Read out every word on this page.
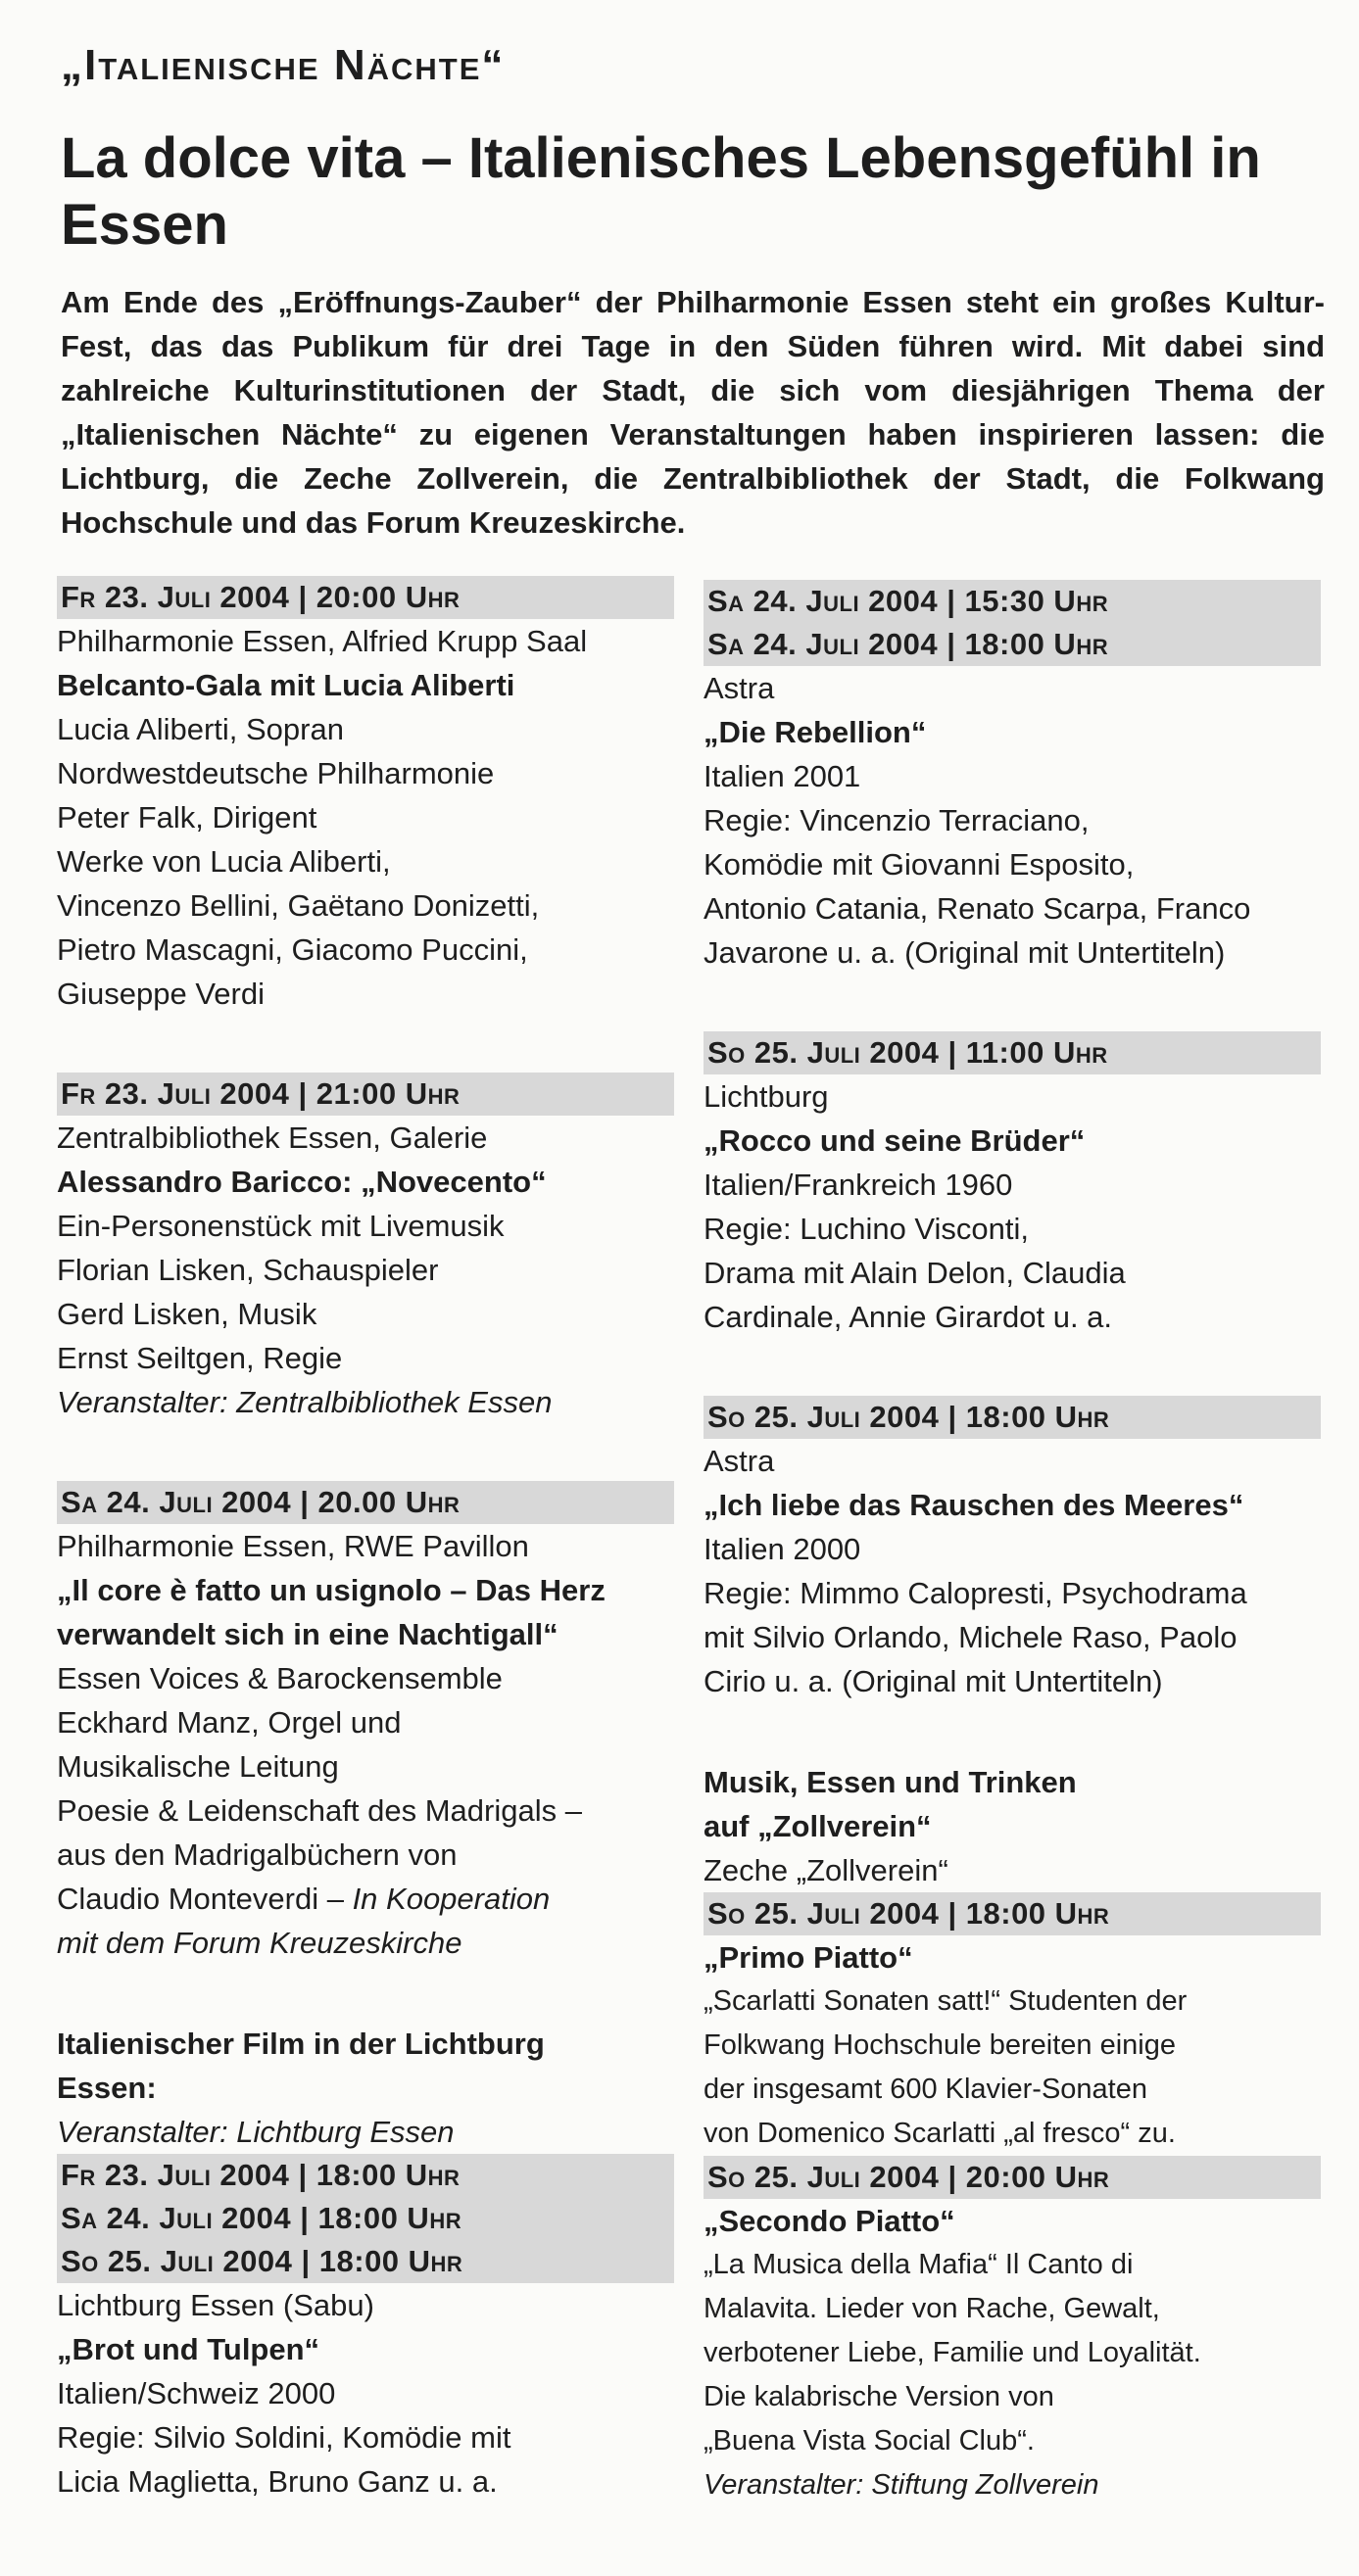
„Italienische Nächte“
La dolce vita – Italienisches Lebensgefühl in Essen

Am Ende des „Eröffnungs-Zauber“ der Philharmonie Essen steht ein großes Kultur-Fest, das das Publikum für drei Tage in den Süden führen wird. Mit dabei sind zahlreiche Kulturinstitutionen der Stadt, die sich vom diesjährigen Thema der „Italienischen Nächte“ zu eigenen Veranstaltungen haben inspirieren lassen: die Lichtburg, die Zeche Zollverein, die Zentralbibliothek der Stadt, die Folkwang Hochschule und das Forum Kreuzeskirche.

Fr 23. Juli 2004 | 20:00 Uhr
Philharmonie Essen, Alfried Krupp Saal
Belcanto-Gala mit Lucia Aliberti
Lucia Aliberti, Sopran
Nordwestdeutsche Philharmonie
Peter Falk, Dirigent
Werke von Lucia Aliberti,
Vincenzo Bellini, Gaëtano Donizetti,
Pietro Mascagni, Giacomo Puccini,
Giuseppe Verdi
Fr 23. Juli 2004 | 21:00 Uhr
Zentralbibliothek Essen, Galerie
Alessandro Baricco: „Novecento“
Ein-Personenstück mit Livemusik
Florian Lisken, Schauspieler
Gerd Lisken, Musik
Ernst Seiltgen, Regie
Veranstalter: Zentralbibliothek Essen
Sa 24. Juli 2004 | 20.00 Uhr
Philharmonie Essen, RWE Pavillon
„Il core è fatto un usignolo – Das Herz
verwandelt sich in eine Nachtigall“
Essen Voices & Barockensemble
Eckhard Manz, Orgel und
Musikalische Leitung
Poesie & Leidenschaft des Madrigals –
aus den Madrigalbüchern von
Claudio Monteverdi – In Kooperation
mit dem Forum Kreuzeskirche
Italienischer Film in der Lichtburg
Essen:
Veranstalter: Lichtburg Essen
Fr 23. Juli 2004 | 18:00 Uhr
Sa 24. Juli 2004 | 18:00 Uhr
So 25. Juli 2004 | 18:00 Uhr
Lichtburg Essen (Sabu)
„Brot und Tulpen“
Italien/Schweiz 2000
Regie: Silvio Soldini, Komödie mit
Licia Maglietta, Bruno Ganz u. a.
Sa 24. Juli 2004 | 15:30 Uhr
Sa 24. Juli 2004 | 18:00 Uhr
Astra
„Die Rebellion“
Italien 2001
Regie: Vincenzio Terraciano,
Komödie mit Giovanni Esposito,
Antonio Catania, Renato Scarpa, Franco
Javarone u. a. (Original mit Untertiteln)
So 25. Juli 2004 | 11:00 Uhr
Lichtburg
„Rocco und seine Brüder“
Italien/Frankreich 1960
Regie: Luchino Visconti,
Drama mit Alain Delon, Claudia
Cardinale, Annie Girardot u. a.
So 25. Juli 2004 | 18:00 Uhr
Astra
„Ich liebe das Rauschen des Meeres“
Italien 2000
Regie: Mimmo Calopresti, Psychodrama
mit Silvio Orlando, Michele Raso, Paolo
Cirio u. a. (Original mit Untertiteln)
Musik, Essen und Trinken
auf „Zollverein“
Zeche „Zollverein“
So 25. Juli 2004 | 18:00 Uhr
„Primo Piatto“
„Scarlatti Sonaten satt!“ Studenten der
Folkwang Hochschule bereiten einige
der insgesamt 600 Klavier-Sonaten
von Domenico Scarlatti „al fresco“ zu.
So 25. Juli 2004 | 20:00 Uhr
„Secondo Piatto“
„La Musica della Mafia“ Il Canto di
Malavita. Lieder von Rache, Gewalt,
verbotener Liebe, Familie und Loyalität.
Die kalabrische Version von
„Buena Vista Social Club“.
Veranstalter: Stiftung Zollverein
